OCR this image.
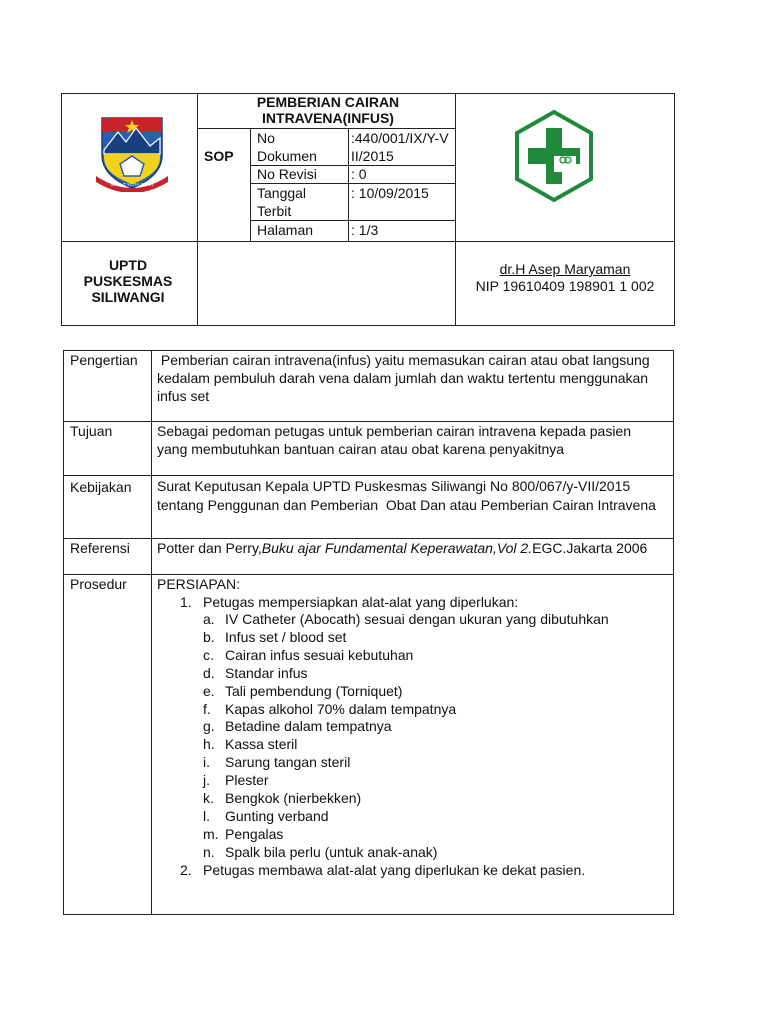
GARUT KOTA INTAN
PEMBERIAN CAIRAN INTRAVENA(INFUS)
SOP
No Dokumen
:440/001/IX/Y-VII/2015
No Revisi : 0
Tanggal Terbit
: 10/09/2015
Halaman	: 1/3
UPTD PUSKESMAS SILIWANGI
dr.H Asep Maryaman
NIP 19610409 198901 1 002
Pengertian Pemberian cairan intravena(infus) yaitu memasukan cairan atau obat langsung kedalam pembuluh darah vena dalam jumlah dan waktu tertentu menggunakan infus set
Tujuan	Sebagai pedoman petugas untuk pemberian cairan intravena kepada pasien yang membutuhkan bantuan cairan atau obat karena penyakitnya
Kebijakan Surat Keputusan Kepala UPTD Puskesmas Siliwangi No 800/067/y-VII/2015 tentang Penggunan dan Pemberian  Obat Dan atau Pemberian Cairan Intravena
Referensi Potter dan Perry,Buku ajar Fundamental Keperawatan,Vol 2.EGC.Jakarta 2006
Prosedur PERSIAPAN:
1. Petugas mempersiapkan alat-alat yang diperlukan:
a. IV Catheter (Abocath) sesuai dengan ukuran yang dibutuhkan
b. Infus set / blood set
c. Cairan infus sesuai kebutuhan
d. Standar infus
e. Tali pembendung (Torniquet)
f. Kapas alkohol 70% dalam tempatnya
g. Betadine dalam tempatnya
h. Kassa steril
i. Sarung tangan steril
j. Plester
k. Bengkok (nierbekken)
l. Gunting verband
m. Pengalas
n. Spalk bila perlu (untuk anak-anak)
2. Petugas membawa alat-alat yang diperlukan ke dekat pasien.
